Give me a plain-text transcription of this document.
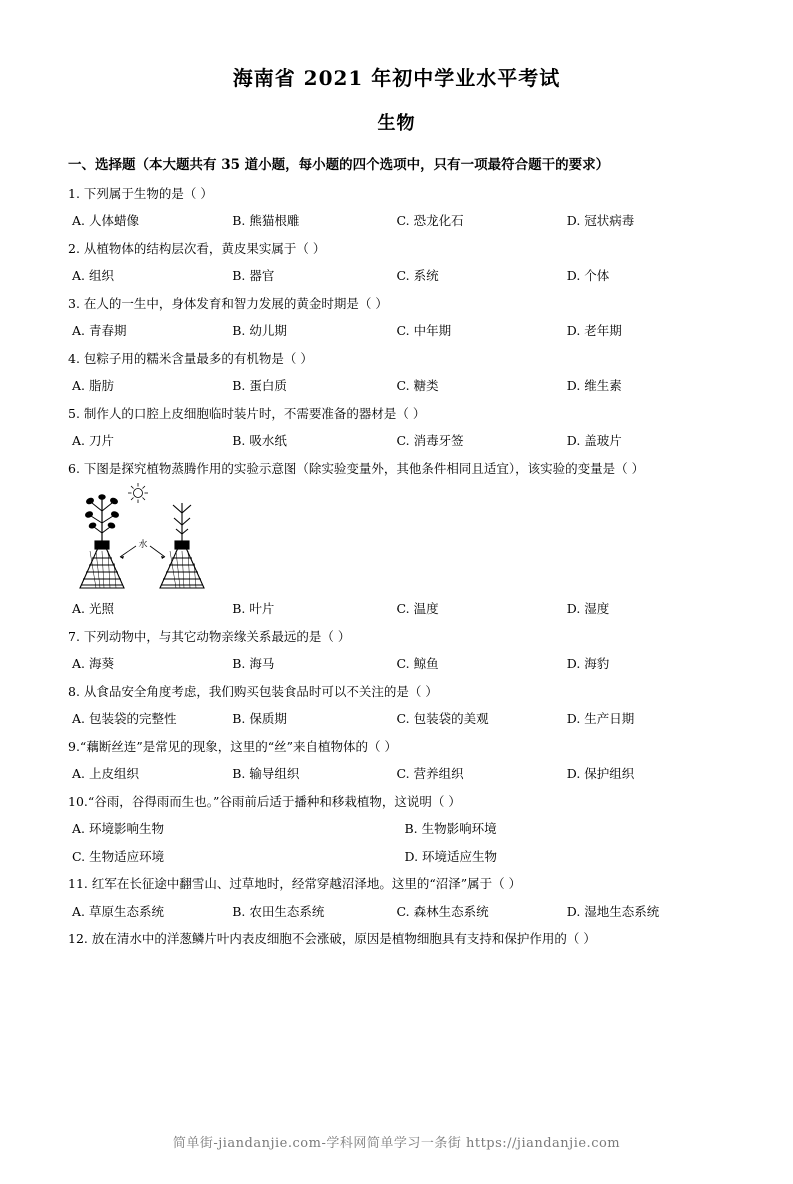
海南省 2021 年初中学业水平考试
生物
一、选择题（本大题共有 35 道小题，每小题的四个选项中，只有一项最符合题干的要求）
1. 下列属于生物的是（ ）
A. 人体蜡像	B. 熊猫根雕	C. 恐龙化石	D. 冠状病毒
2. 从植物体的结构层次看，黄皮果实属于（ ）
A. 组织	B. 器官	C. 系统	D. 个体
3. 在人的一生中，身体发育和智力发展的黄金时期是（ ）
A. 青春期	B. 幼儿期	C. 中年期	D. 老年期
4. 包粽子用的糯米含量最多的有机物是（ ）
A. 脂肪	B. 蛋白质	C. 糖类	D. 维生素
5. 制作人的口腔上皮细胞临时装片时，不需要准备的器材是（ ）
A. 刀片	B. 吸水纸	C. 消毒牙签	D. 盖玻片
6. 下图是探究植物蒸腾作用的实验示意图（除实验变量外，其他条件相同且适宜），该实验的变量是（ ）
水
A. 光照	B. 叶片	C. 温度	D. 湿度
7. 下列动物中，与其它动物亲缘关系最远的是（ ）
A. 海葵	B. 海马	C. 鲸鱼	D. 海豹
8. 从食品安全角度考虑，我们购买包装食品时可以不关注的是（ ）
A. 包装袋的完整性	B. 保质期	C. 包装袋的美观	D. 生产日期
9.“藕断丝连”是常见的现象，这里的“丝”来自植物体的（ ）
A. 上皮组织	B. 输导组织	C. 营养组织	D. 保护组织
10.“谷雨，谷得雨而生也。”谷雨前后适于播种和移栽植物，这说明（ ）
A. 环境影响生物	B. 生物影响环境
C. 生物适应环境	D. 环境适应生物
11. 红军在长征途中翻雪山、过草地时，经常穿越沼泽地。这里的“沼泽”属于（ ）
A. 草原生态系统	B. 农田生态系统	C. 森林生态系统	D. 湿地生态系统
12. 放在清水中的洋葱鳞片叶内表皮细胞不会涨破，原因是植物细胞具有支持和保护作用的（ ）
简单街-jiandanjie.com-学科网简单学习一条街 https://jiandanjie.com
